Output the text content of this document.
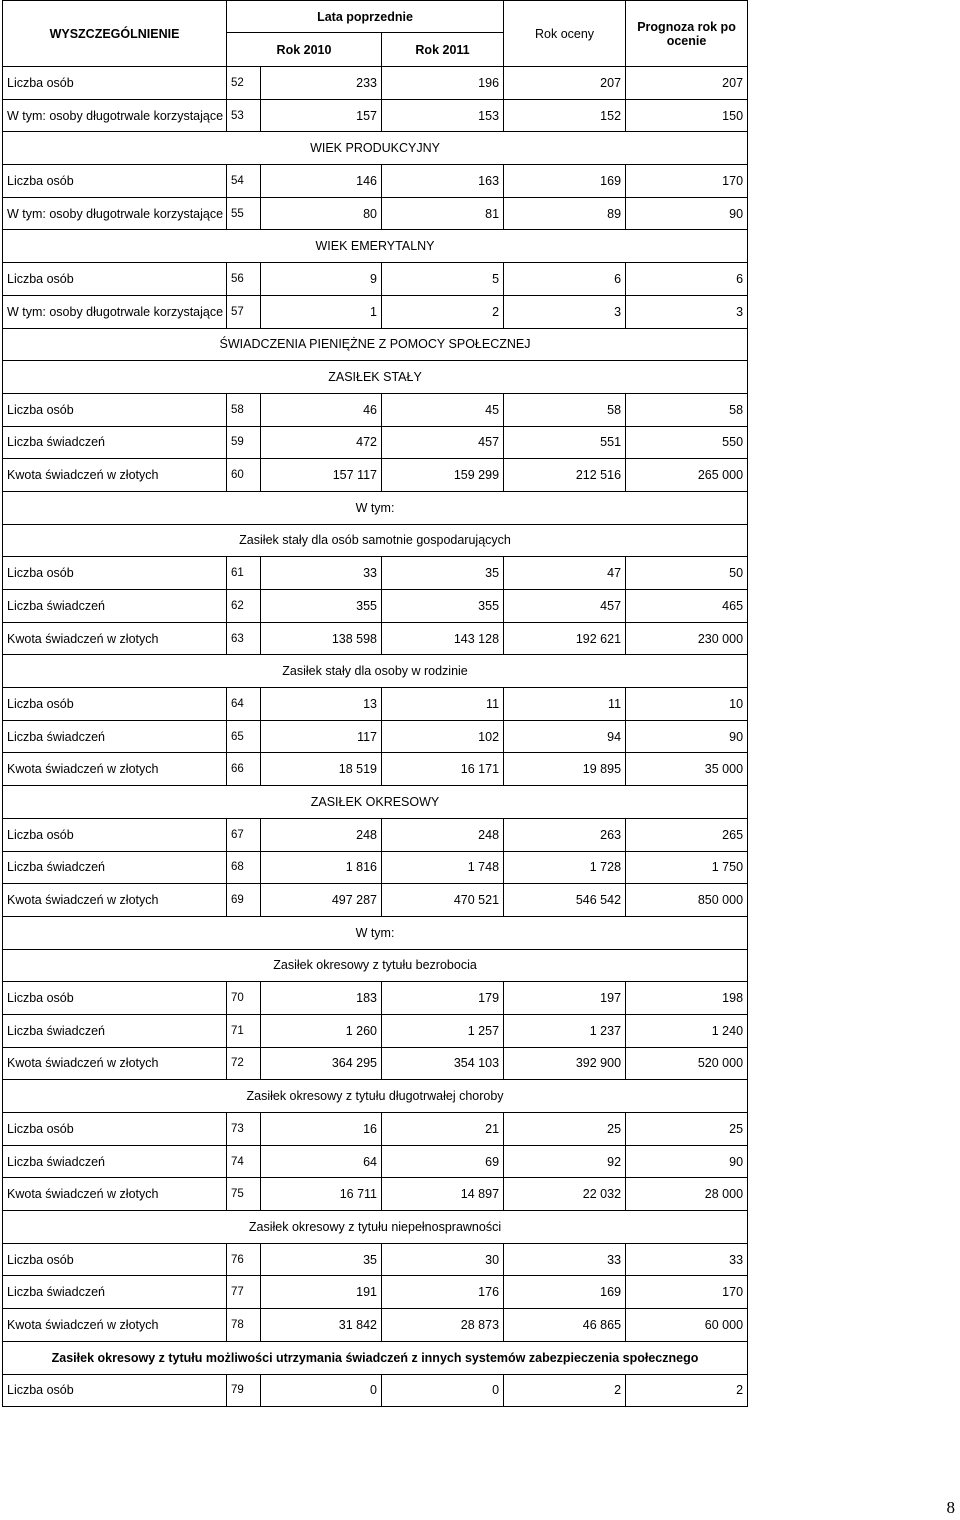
WYSZCZEGÓLNIENIE	Lata poprzednie			Rok oceny	Prognoza rok po ocenie
	Rok 2010		Rok 2011		
Liczba osób	52	233	196	207	207
W tym: osoby długotrwale korzystające	53	157	153	152	150
WIEK PRODUKCYJNY					
Liczba osób	54	146	163	169	170
W tym: osoby długotrwale korzystające	55	80	81	89	90
WIEK EMERYTALNY					
Liczba osób	56	9	5	6	6
W tym: osoby długotrwale korzystające	57	1	2	3	3
ŚWIADCZENIA PIENIĘŻNE Z POMOCY SPOŁECZNEJ					
ZASIŁEK STAŁY					
Liczba osób	58	46	45	58	58
Liczba świadczeń	59	472	457	551	550
Kwota świadczeń w złotych	60	157 117	159 299	212 516	265 000
W tym:					
Zasiłek stały dla osób samotnie gospodarujących					
Liczba osób	61	33	35	47	50
Liczba świadczeń	62	355	355	457	465
Kwota świadczeń w złotych	63	138 598	143 128	192 621	230 000
Zasiłek stały dla osoby w rodzinie					
Liczba osób	64	13	11	11	10
Liczba świadczeń	65	117	102	94	90
Kwota świadczeń w złotych	66	18 519	16 171	19 895	35 000
ZASIŁEK OKRESOWY					
Liczba osób	67	248	248	263	265
Liczba świadczeń	68	1 816	1 748	1 728	1 750
Kwota świadczeń w złotych	69	497 287	470 521	546 542	850 000
W tym:					
Zasiłek okresowy z tytułu bezrobocia					
Liczba osób	70	183	179	197	198
Liczba świadczeń	71	1 260	1 257	1 237	1 240
Kwota świadczeń w złotych	72	364 295	354 103	392 900	520 000
Zasiłek okresowy z tytułu długotrwałej choroby					
Liczba osób	73	16	21	25	25
Liczba świadczeń	74	64	69	92	90
Kwota świadczeń w złotych	75	16 711	14 897	22 032	28 000
Zasiłek okresowy z tytułu niepełnosprawności					
Liczba osób	76	35	30	33	33
Liczba świadczeń	77	191	176	169	170
Kwota świadczeń w złotych	78	31 842	28 873	46 865	60 000
Zasiłek okresowy z tytułu możliwości utrzymania świadczeń z innych systemów zabezpieczenia społecznego					
Liczba osób	79	0	0	2	2
8
